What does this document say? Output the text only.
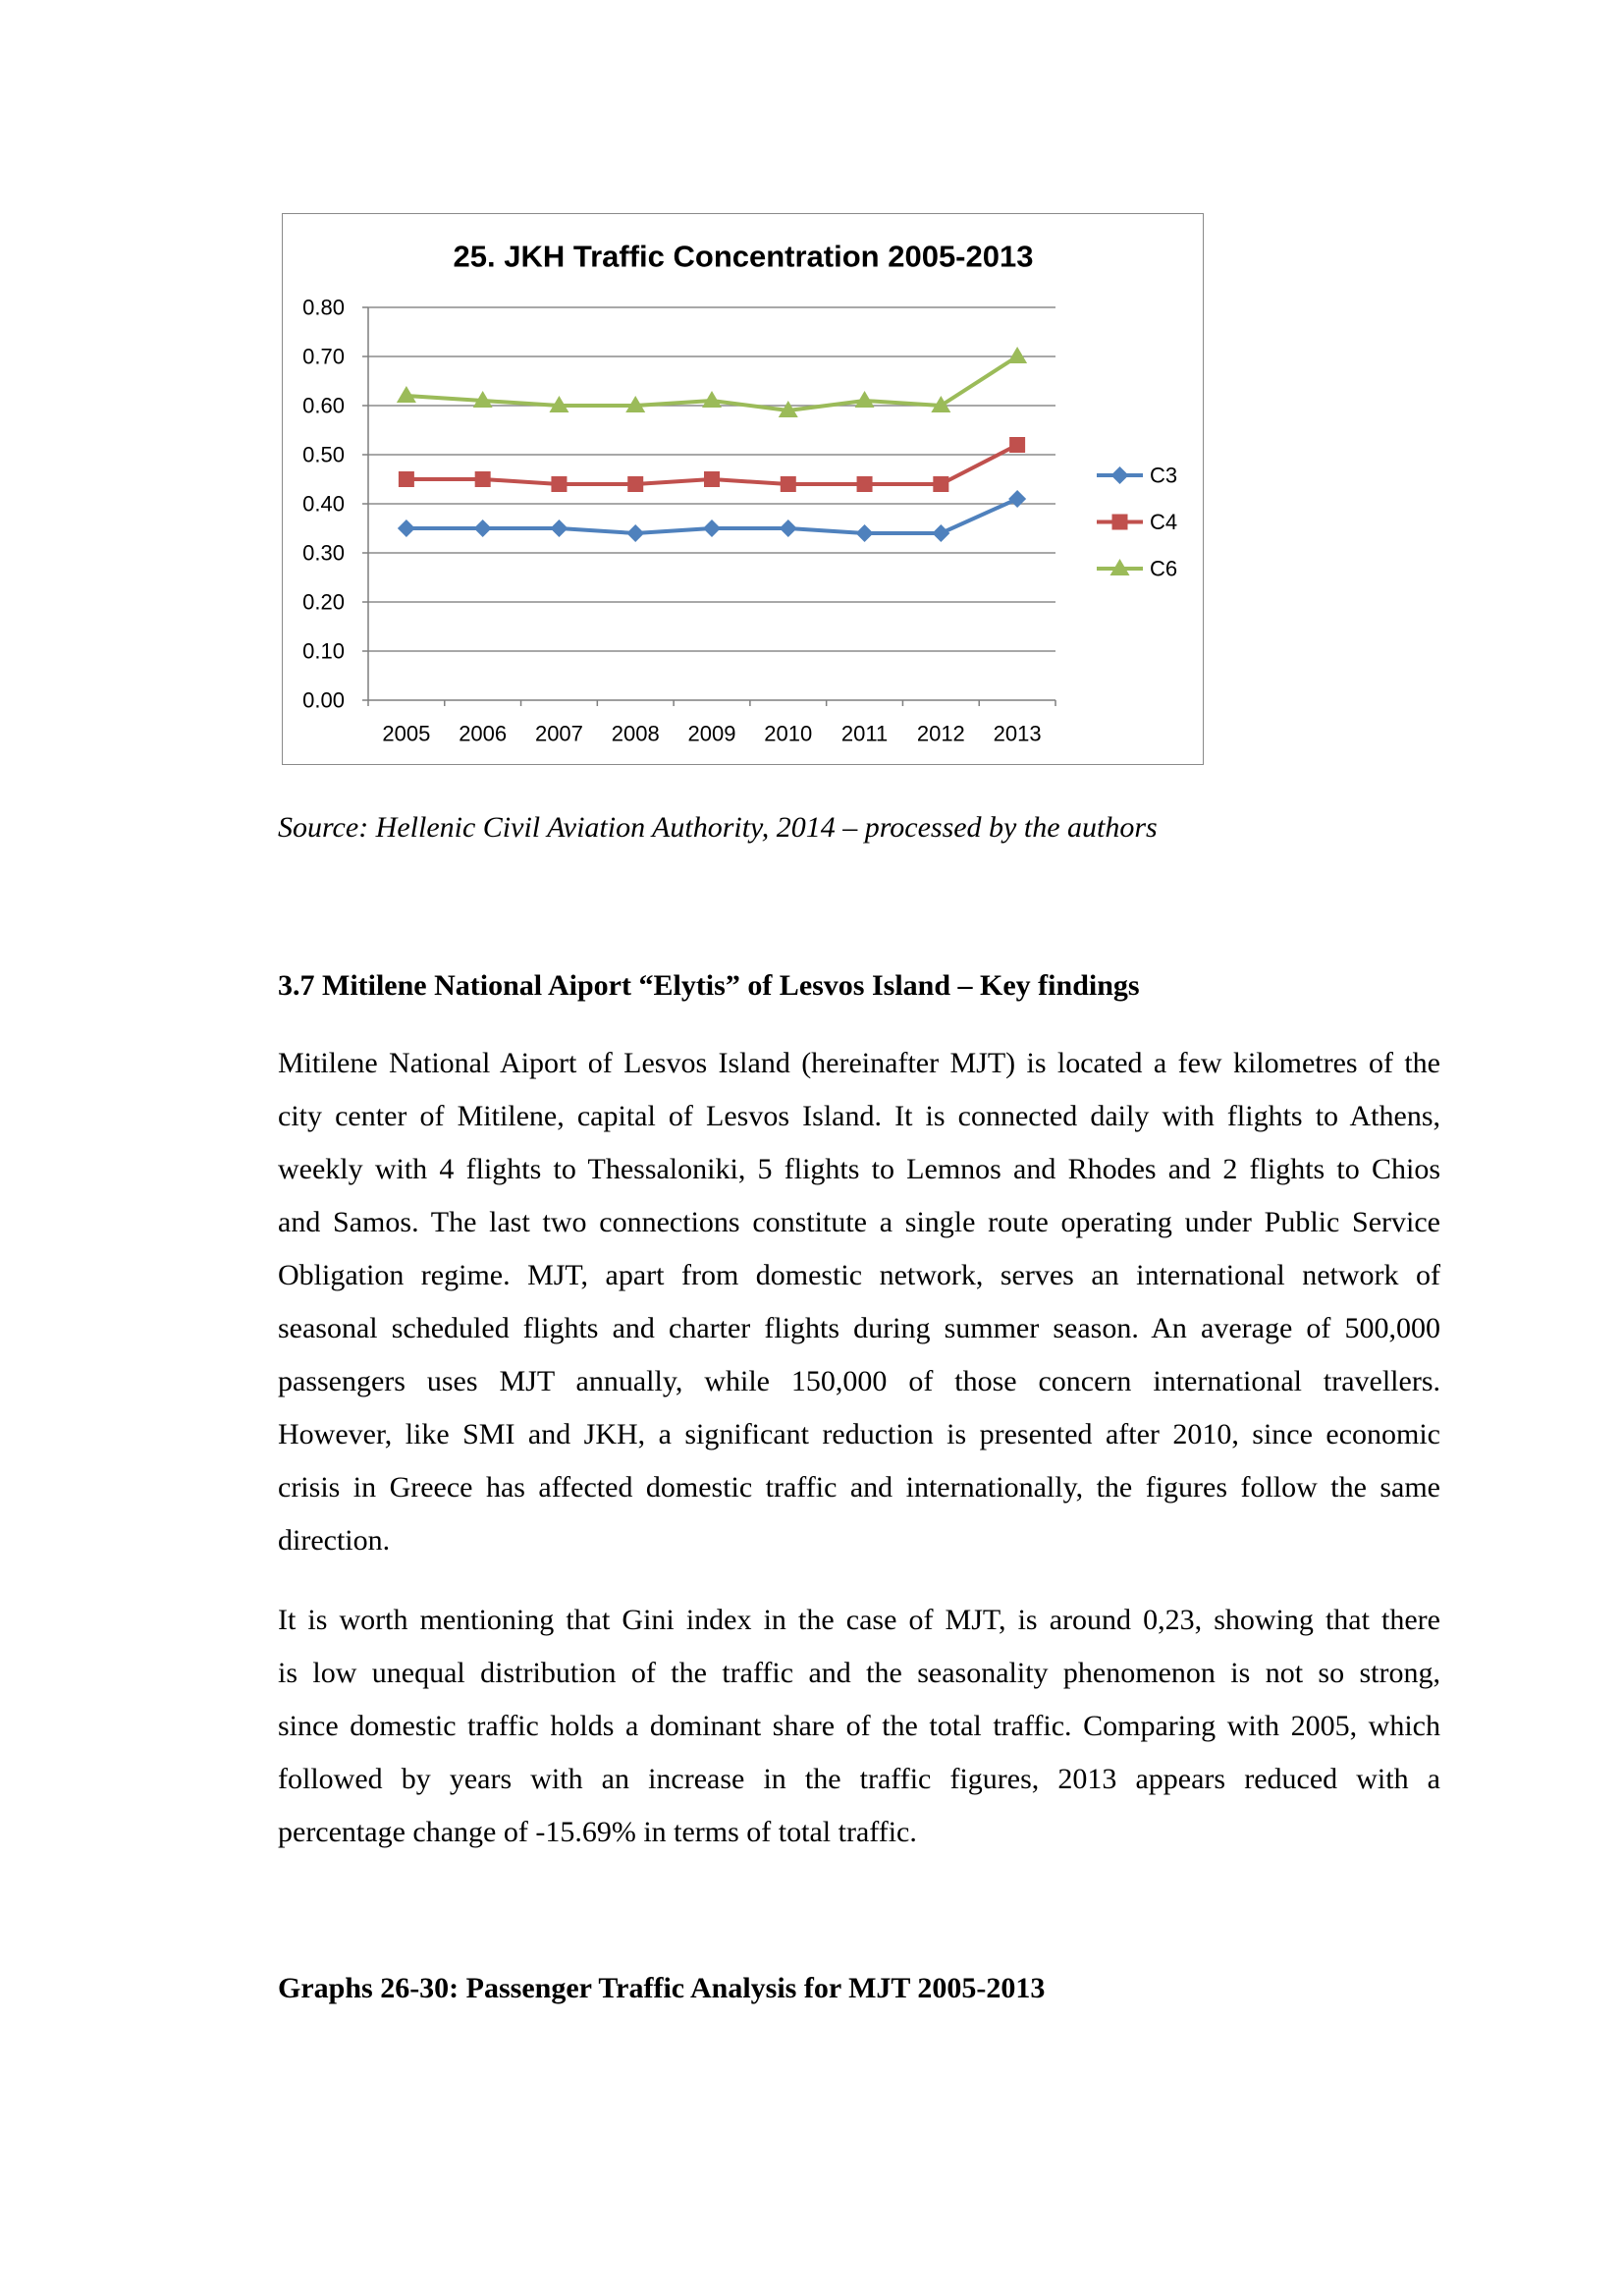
25. JKH Traffic Concentration 2005-2013
0.00
0.10
0.20
0.30
0.40
0.50
0.60
0.70
0.80
2005 2006 2007 2008 2009 2010 2011 2012 2013
C3
C4
C6
Source: Hellenic Civil Aviation Authority, 2014 – processed by the authors
3.7 Mitilene National Aiport “Elytis” of Lesvos Island – Key findings
Mitilene National Aiport of Lesvos Island (hereinafter MJT) is located a few kilometres of the
city center of Mitilene, capital of Lesvos Island. It is connected daily with flights to Athens,
weekly with 4 flights to Thessaloniki, 5 flights to Lemnos and Rhodes and 2 flights to Chios
and Samos. The last two connections constitute a single route operating under Public Service
Obligation regime. MJT, apart from domestic network, serves an international network of
seasonal scheduled flights and charter flights during summer season. An average of 500,000
passengers uses MJT annually, while 150,000 of those concern international travellers.
However, like SMI and JKH, a significant reduction is presented after 2010, since economic
crisis in Greece has affected domestic traffic and internationally, the figures follow the same
direction.
It is worth mentioning that Gini index in the case of MJT, is around 0,23, showing that there
is low unequal distribution of the traffic and the seasonality phenomenon is not so strong,
since domestic traffic holds a dominant share of the total traffic. Comparing with 2005, which
followed by years with an increase in the traffic figures, 2013 appears reduced with a
percentage change of -15.69% in terms of total traffic.
Graphs 26-30: Passenger Traffic Analysis for MJT 2005-2013
